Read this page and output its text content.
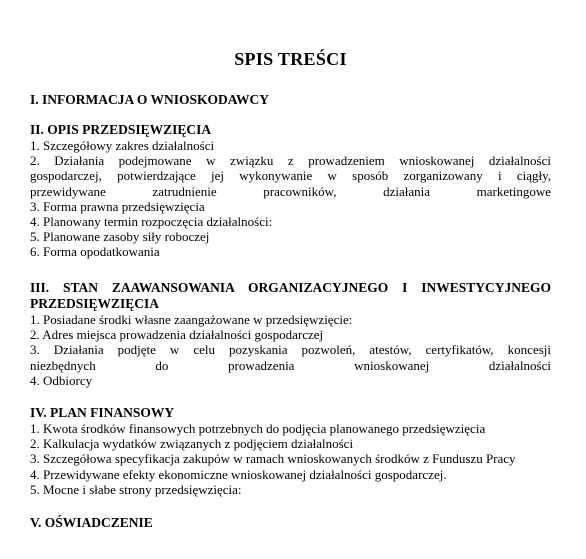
SPIS TREŚCI
I. INFORMACJA O WNIOSKODAWCY
II. OPIS PRZEDSIĘWZIĘCIA
1. Szczegółowy zakres działalności
2. Działania podejmowane w związku z prowadzeniem wnioskowanej działalności
gospodarczej, potwierdzające jej wykonywanie w sposób zorganizowany i ciągły,
przewidywane zatrudnienie pracowników, działania marketingowe
3. Forma prawna przedsięwzięcia
4. Planowany termin rozpoczęcia działalności:
5. Planowane zasoby siły roboczej
6. Forma opodatkowania
III. STAN ZAAWANSOWANIA ORGANIZACYJNEGO I INWESTYCYJNEGO
PRZEDSIĘWZIĘCIA
1. Posiadane środki własne zaangażowane w przedsięwzięcie:
2. Adres miejsca prowadzenia działalności gospodarczej
3. Działania podjęte w celu pozyskania pozwoleń, atestów, certyfikatów, koncesji
niezbędnych do prowadzenia wnioskowanej działalności
4. Odbiorcy
IV. PLAN FINANSOWY
1. Kwota środków finansowych potrzebnych do podjęcia planowanego przedsięwzięcia
2. Kalkulacja wydatków związanych z podjęciem działalności
3. Szczegółowa specyfikacja zakupów w ramach wnioskowanych środków z Funduszu Pracy
4. Przewidywane efekty ekonomiczne wnioskowanej działalności gospodarczej.
5. Mocne i słabe strony przedsięwzięcia:
V. OŚWIADCZENIE
